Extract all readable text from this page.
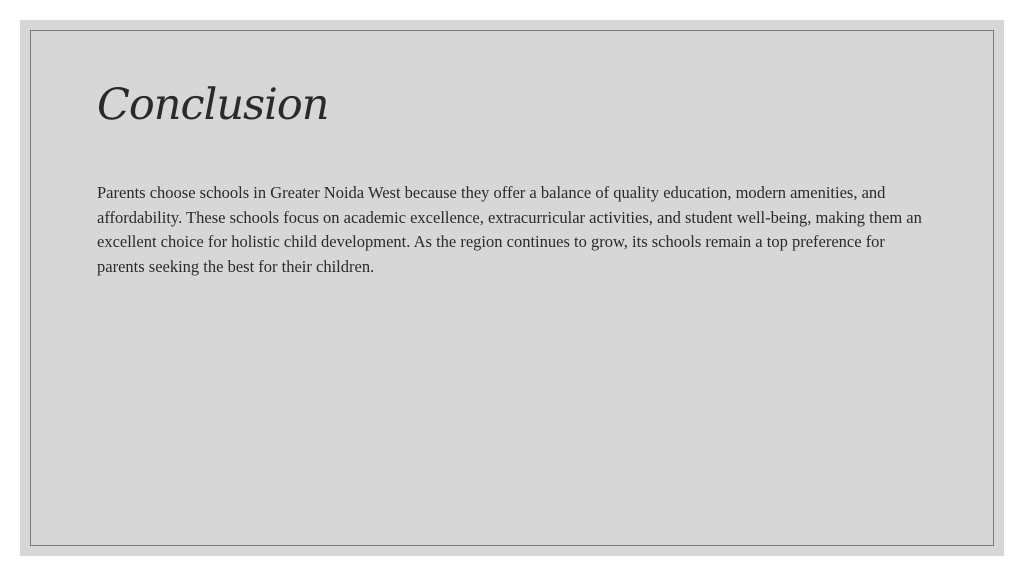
Conclusion

Parents choose schools in Greater Noida West because they offer a balance of quality education, modern amenities, and affordability. These schools focus on academic excellence, extracurricular activities, and student well-being, making them an excellent choice for holistic child development. As the region continues to grow, its schools remain a top preference for parents seeking the best for their children.
